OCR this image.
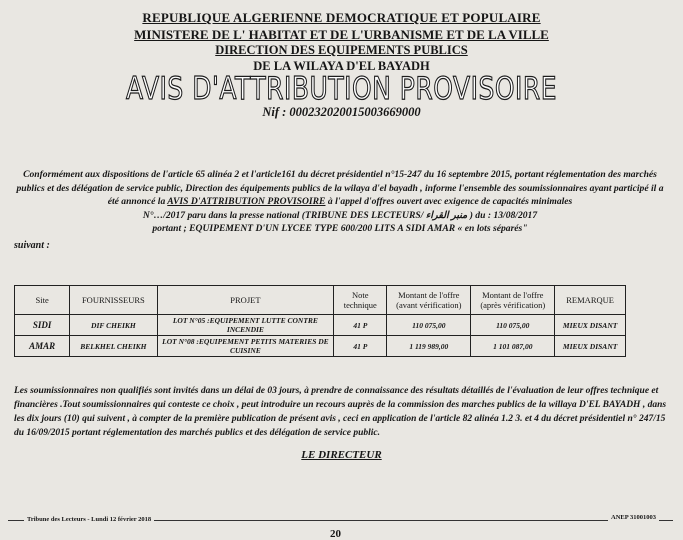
REPUBLIQUE ALGERIENNE DEMOCRATIQUE ET POPULAIRE
MINISTERE DE L' HABITAT ET DE L'URBANISME ET DE LA VILLE
DIRECTION DES EQUIPEMENTS PUBLICS
DE LA WILAYA D'EL BAYADH
AVIS D'ATTRIBUTION PROVISOIRE
Nif : 000232020015003669000
Conformément aux dispositions de l'article 65 alinéa 2 et l'article161 du décret présidentiel n°15-247 du 16 septembre 2015, portant réglementation des marchés publics et des délégation de service public, Direction des équipements publics de la wilaya d'el bayadh , informe l'ensemble des soumissionnaires ayant participé il a été annoncé la AVIS D'ATTRIBUTION PROVISOIRE à l'appel d'offres ouvert avec exigence de capacités minimales
N°…/2017 paru dans la presse national (TRIBUNE DES LECTEURS/ منبر القراء ) du : 13/08/2017
portant ; EQUIPEMENT D'UN LYCEE TYPE 600/200 LITS A SIDI AMAR « en lots séparés"
suivant :
Site	FOURNISSEURS	PROJET	Note technique	Montant de l'offre (avant vérification)	Montant de l'offre (après vérification)	REMARQUE
SIDI	DIF CHEIKH	LOT N°05 :EQUIPEMENT LUTTE CONTRE INCENDIE	41 P	110 075,00	110 075,00	MIEUX DISANT
AMAR	BELKHEL CHEIKH	LOT N°08 :EQUIPEMENT PETITS MATERIES DE CUISINE	41 P	1 119 989,00	1 101 087,00	MIEUX DISANT
Les soumissionnaires non qualifiés sont invités dans un délai de 03 jours, à prendre de connaissance des résultats détaillés de l'évaluation de leur offres technique et financières .Tout soumissionnaires qui conteste ce choix , peut introduire un recours auprès de la commission des marches publics de la willaya D'EL BAYADH , dans les dix jours (10) qui suivent , à compter de la première publication de présent avis , ceci en application de l'article 82 alinéa 1.2 3. et 4 du décret présidentiel n° 247/15 du 16/09/2015 portant réglementation des marchés publics et des délégation de service public.
LE DIRECTEUR
Tribune des Lecteurs - Lundi 12 février 2018	ANEP 31001003
20
